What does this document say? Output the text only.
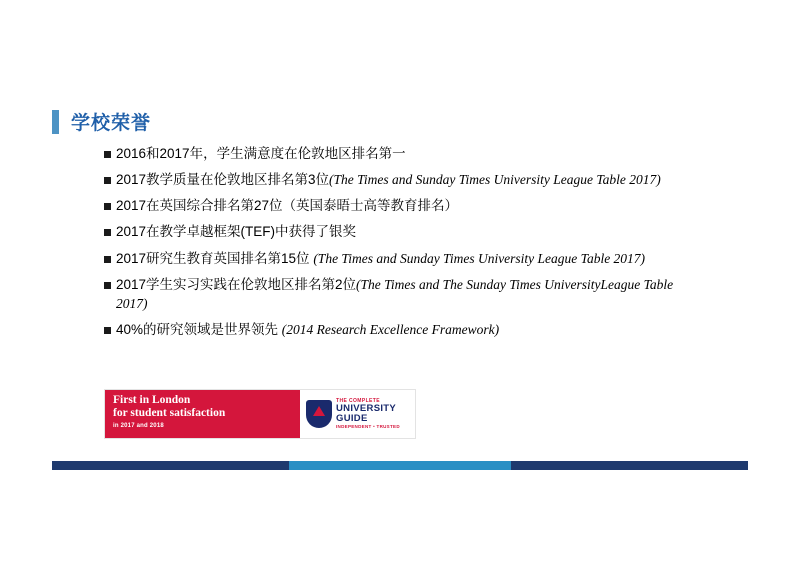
学校荣誉
2016和2017年，学生满意度在伦敦地区排名第一
2017教学质量在伦敦地区排名第3位(The Times and Sunday Times University League Table 2017)
2017在英国综合排名第27位（英国泰晤士高等教育排名）
2017在教学卓越框架(TEF)中获得了银奖
2017研究生教育英国排名第15位 (The Times and Sunday Times University League Table 2017)
2017学生实习实践在伦敦地区排名第2位(The Times and The Sunday Times UniversityLeague Table 2017)
40%的研究领域是世界领先 (2014 Research Excellence Framework)
First in London
for student satisfaction
in 2017 and 2018
THE COMPLETE
UNIVERSITY GUIDE
INDEPENDENT • TRUSTED
